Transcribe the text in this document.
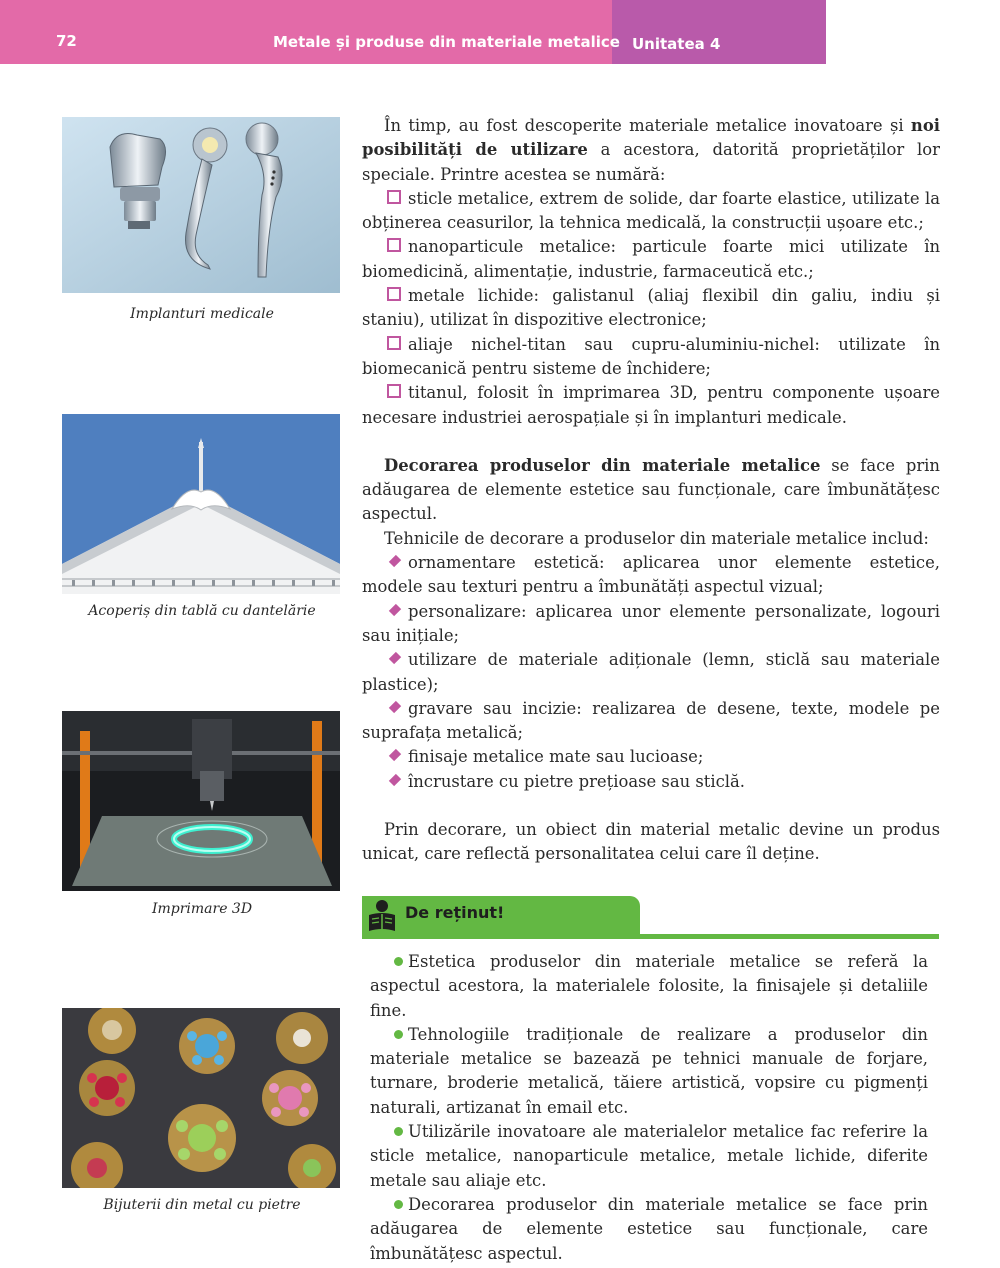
72	Metale și produse din materiale metalice Unitatea 4
Implanturi medicale
Acoperiș din tablă cu dantelărie
Imprimare 3D
Bijuterii din metal cu pietre

În timp, au fost descoperite materiale metalice inovatoare și noi posibilități de utilizare a acestora, datorită proprietăților lor speciale. Printre acestea se numără:

sticle metalice, extrem de solide, dar foarte elastice, utilizate la obținerea ceasurilor, la tehnica medicală, la construcții ușoare etc.;

nanoparticule metalice: particule foarte mici utilizate în biomedicină, alimentație, industrie, farmaceutică etc.;

metale lichide: galistanul (aliaj flexibil din galiu, indiu și staniu), utilizat în dispozitive electronice;

aliaje nichel-titan sau cupru-aluminiu-nichel: utilizate în biomecanică pentru sisteme de închidere;

titanul, folosit în imprimarea 3D, pentru componente ușoare necesare industriei aerospațiale și în implanturi medicale.

Decorarea produselor din materiale metalice se face prin adăugarea de elemente estetice sau funcționale, care îmbunătățesc aspectul.

Tehnicile de decorare a produselor din materiale metalice includ:

ornamentare estetică: aplicarea unor elemente estetice, modele sau texturi pentru a îmbunătăți aspectul vizual;

personalizare: aplicarea unor elemente personalizate, logouri sau inițiale;

utilizare de materiale adiționale (lemn, sticlă sau materiale plastice);

gravare sau incizie: realizarea de desene, texte, modele pe suprafața metalică;

finisaje metalice mate sau lucioase;

încrustare cu pietre prețioase sau sticlă.

Prin decorare, un obiect din material metalic devine un produs unicat, care reflectă personalitatea celui care îl deține.

De reținut!

Estetica produselor din materiale metalice se referă la aspectul acestora, la materialele folosite, la finisajele și detaliile fine.

Tehnologiile tradiționale de realizare a produselor din materiale metalice se bazează pe tehnici manuale de forjare, turnare, broderie metalică, tăiere artistică, vopsire cu pigmenți naturali, artizanat în email etc.

Utilizările inovatoare ale materialelor metalice fac referire la sticle metalice, nanoparticule metalice, metale lichide, diferite metale sau aliaje etc.

Decorarea produselor din materiale metalice se face prin adăugarea de elemente estetice sau funcționale, care îmbunătățesc aspectul.
